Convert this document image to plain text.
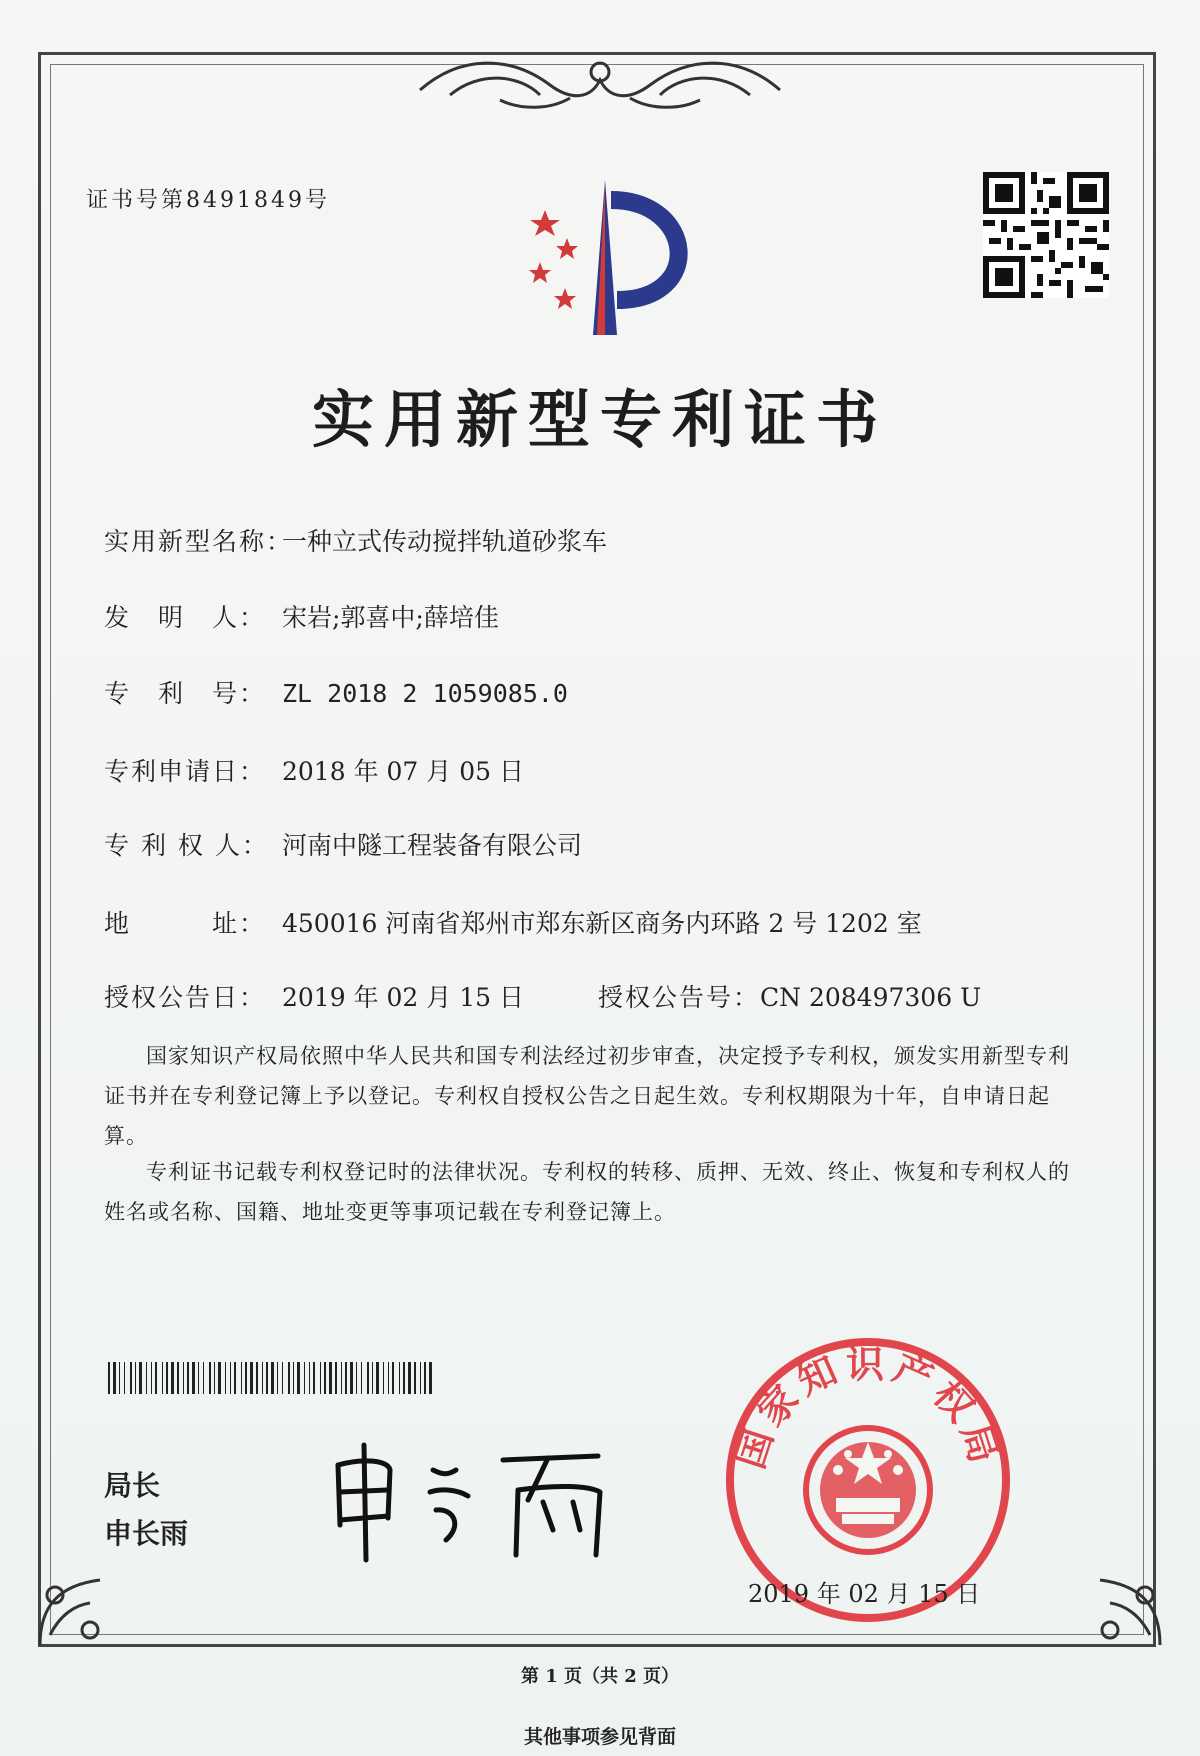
证书号第8491849号
实用新型专利证书
实用新型名称：一种立式传动搅拌轨道砂浆车
发　明　人： 宋岩;郭喜中;薛培佳
专　利　号： ZL 2018 2 1059085.0
专利申请日： 2018 年 07 月 05 日
专 利 权 人： 河南中隧工程装备有限公司
地　　　址： 450016 河南省郑州市郑东新区商务内环路 2 号 1202 室
授权公告日： 2019 年 02 月 15 日	授权公告号：CN 208497306 U

国家知识产权局依照中华人民共和国专利法经过初步审查，决定授予专利权，颁发实用新型专利证书并在专利登记簿上予以登记。专利权自授权公告之日起生效。专利权期限为十年，自申请日起算。

专利证书记载专利权登记时的法律状况。专利权的转移、质押、无效、终止、恢复和专利权人的姓名或名称、国籍、地址变更等事项记载在专利登记簿上。

局长
申长雨
国家知识产权局
2019 年 02 月 15 日
第 1 页（共 2 页）
其他事项参见背面
